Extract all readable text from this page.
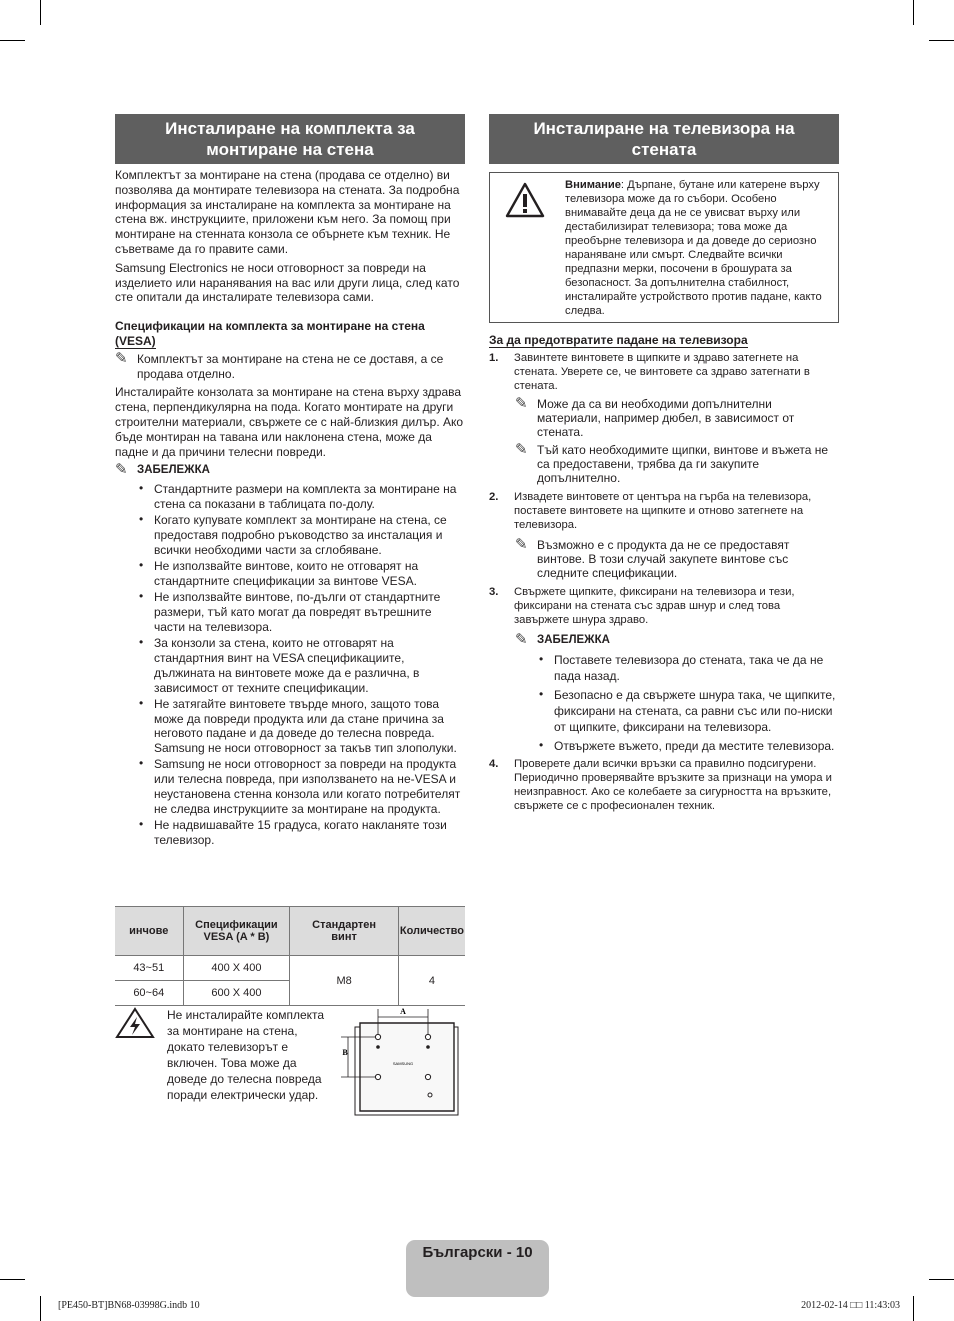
Инсталиране на комплекта за
монтиране на стена
Инсталиране на телевизора на
стената

Комплектът за монтиране на стена (продава се отделно) ви позволява да монтирате телевизора на стената. За подробна информация за инсталиране на комплекта за монтиране на стена вж. инструкциите, приложени към него. За помощ при монтиране на стенната конзола се обърнете към техник. Не съветваме да го правите сами.

Samsung Electronics не носи отговорност за повреди на изделието или наранявания на вас или други лица, след като сте опитали да инсталирате телевизора сами.

Спецификации на комплекта за монтиране на стена
(VESA)

✎ Комплектът за монтиране на стена не се доставя, а се продава отделно.

Инсталирайте конзолата за монтиране на стена върху здрава стена, перпендикулярна на пода. Когато монтирате на други строителни материали, свържете се с най-близкия дилър. Ако бъде монтиран на тавана или наклонена стена, може да падне и да причини телесни повреди.

✎ ЗАБЕЛЕЖКА
• Стандартните размери на комплекта за монтиране на стена са показани в таблицата по-долу.
• Когато купувате комплект за монтиране на стена, се предоставя подробно ръководство за инсталация и всички необходими части за сглобяване.
• Не използвайте винтове, които не отговарят на стандартните спецификации за винтове VESA.
• Не използвайте винтове, по-дълги от стандартните размери, тъй като могат да повредят вътрешните части на телевизора.
• За конзоли за стена, които не отговарят на стандартния винт на VESA спецификациите, дължината на винтовете може да е различна, в зависимост от техните спецификации.
• Не затягайте винтовете твърде много, защото това може да повреди продукта или да стане причина за неговото падане и да доведе до телесна повреда. Samsung не носи отговорност за такъв тип злополуки.
• Samsung не носи отговорност за повреди на продукта или телесна повреда, при използването на не-VESA и неустановена стенна конзола или когато потребителят не следва инструкциите за монтиране на продукта.
• Не надвишавайте 15 градуса, когато накланяте този телевизор.
инчове	Спецификации VESA (A * B)	Стандартен винт	Количество
43~51	400 X 400	M8	4
60~64	600 X 400		
Не инсталирайте комплекта за монтиране на стена, докато телевизорът е включен. Това може да доведе до телесна повреда поради електрически удар.
A
B
SAMSUNG
Внимание: Дърпане, бутане или катерене върху телевизора може да го събори. Особено внимавайте деца да не се увисват върху или дестабилизират телевизора; това може да преобърне телевизора и да доведе до сериозно нараняване или смърт. Следвайте всички предпазни мерки, посочени в брошурата за безопасност. За допълнителна стабилност, инсталирайте устройството против падане, както следва.
За да предотвратите падане на телевизора
1.	Завинтете винтовете в щипките и здраво затегнете на стената. Уверете се, че винтовете са здраво затегнати в стената.
✎ Може да са ви необходими допълнителни материали, например дюбел, в зависимост от стената.
✎ Тъй като необходимите щипки, винтове и въжета не са предоставени, трябва да ги закупите допълнително.
2.	Извадете винтовете от центъра на гърба на телевизора, поставете винтовете на щипките и отново затегнете на телевизора.
✎ Възможно е с продукта да не се предоставят винтове. В този случай закупете винтове със следните спецификации.
3.	Свържете щипките, фиксирани на телевизора и тези, фиксирани на стената със здрав шнур и след това завържете шнура здраво.
✎ ЗАБЕЛЕЖКА
• Поставете телевизора до стената, така че да не пада назад.
• Безопасно е да свържете шнура така, че щипките, фиксирани на стената, са равни със или по-ниски от щипките, фиксирани на телевизора.
• Отвържете въжето, преди да местите телевизора.
4.	Проверете дали всички връзки са правилно подсигурени. Периодично проверявайте връзките за признаци на умора и неизправност. Ако се колебаете за сигурността на връзките, свържете се с професионален техник.
Български - 10
[PE450-BT]BN68-03998G.indb 10	2012-02-14 □□ 11:43:03
